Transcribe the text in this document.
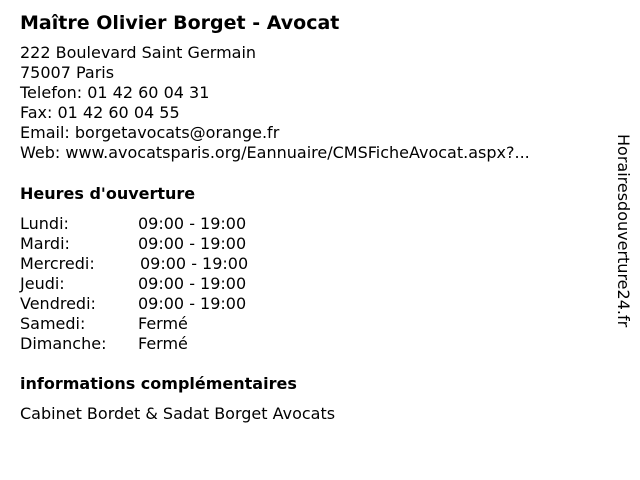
Maître Olivier Borget - Avocat
222 Boulevard Saint Germain
75007 Paris
Telefon: 01 42 60 04 31
Fax: 01 42 60 04 55
Email: borgetavocats@orange.fr
Web: www.avocatsparis.org/Eannuaire/CMSFicheAvocat.aspx?...
Heures d'ouverture
Lundi:	09:00 - 19:00
Mardi:	09:00 - 19:00
Mercredi:	09:00 - 19:00
Jeudi:	09:00 - 19:00
Vendredi:	09:00 - 19:00
Samedi:	Fermé
Dimanche: Fermé
informations complémentaires
Cabinet Bordet & Sadat Borget Avocats
Horairesdouverture24.fr
